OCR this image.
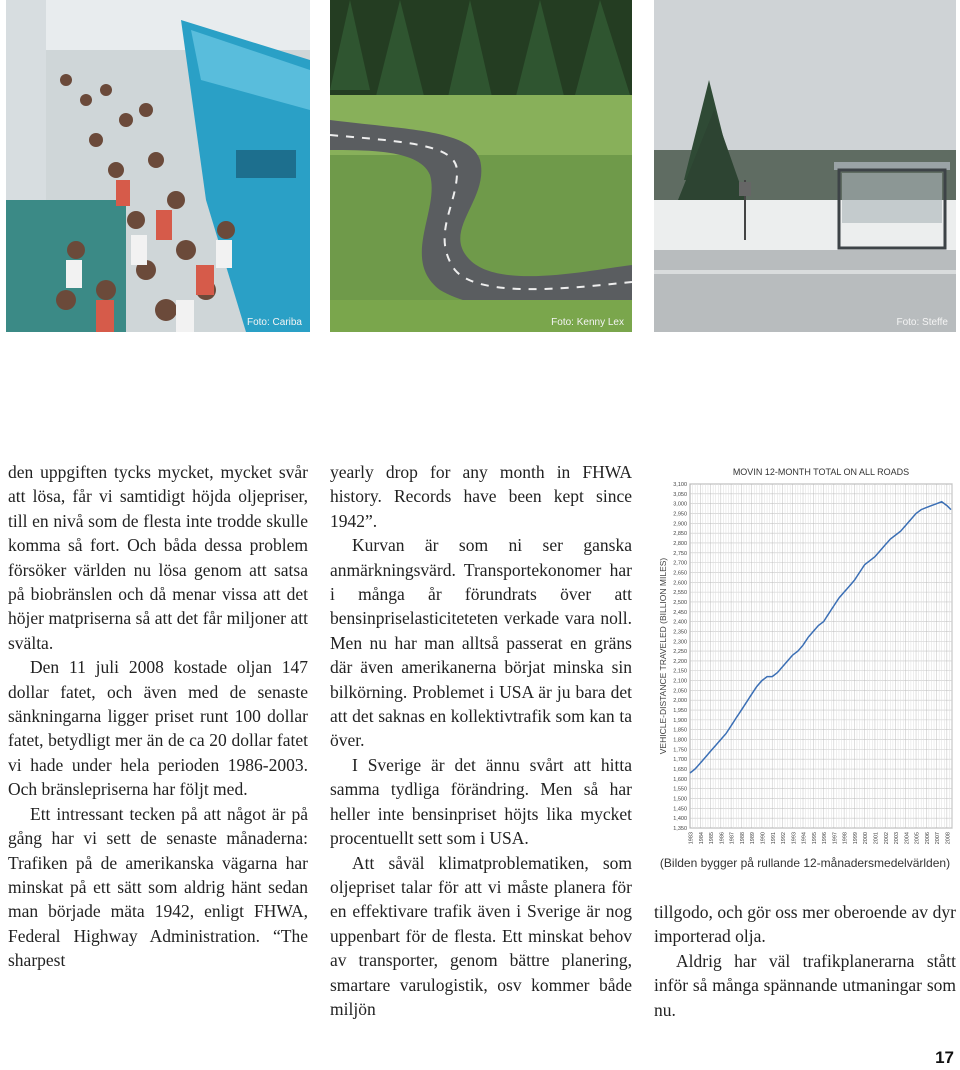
Foto: Cariba	Foto: Kenny Lex	Foto: Steffe

den uppgiften tycks mycket, mycket svår att lösa, får vi samtidigt höjda oljepriser, till en nivå som de flesta inte trodde skulle komma så fort. Och båda dessa problem försöker världen nu lösa genom att satsa på biobränslen och då menar vissa att det höjer matpriserna så att det får miljoner att svälta.

Den 11 juli 2008 kostade oljan 147 dollar fatet, och även med de senaste sänkningarna ligger priset runt 100 dollar fatet, betydligt mer än de ca 20 dollar fatet vi hade under hela perioden 1986-2003. Och bränslepriserna har följt med.

Ett intressant tecken på att något är på gång har vi sett de senaste månaderna: Trafiken på de amerikanska vägarna har minskat på ett sätt som aldrig hänt sedan man började mäta 1942, enligt FHWA, Federal Highway Administration. “The sharpest

yearly drop for any month in FHWA history. Records have been kept since 1942”.

Kurvan är som ni ser ganska anmärkningsvärd. Transportekonomer har i många år förundrats över att bensinpriselasticiteteten verkade vara noll. Men nu har man alltså passerat en gräns där även amerikanerna börjat minska sin bilkörning. Problemet i USA är ju bara det att det saknas en kollektivtrafik som kan ta över.

I Sverige är det ännu svårt att hitta samma tydliga förändring. Men så har heller inte bensinpriset höjts lika mycket procentuellt sett som i USA.

Att såväl klimatproblematiken, som oljepriset talar för att vi måste planera för en effektivare trafik även i Sverige är nog uppenbart för de flesta. Ett minskat behov av transporter, genom bättre planering, smartare varulogistik, osv kommer både miljön

1,350
1,400
1,450
1,500
1,550
1,600
1,650
1,700
1,750
1,800
1,850
1,900
1,950
2,000
2,050
2,100
2,150
2,200
2,250
2,300
2,350
2,400
2,450
2,500
2,550
2,600
2,650
2,700
2,750
2,800
2,850
2,900
2,950
3,000
3,050
3,100
1983 1984 1985 1986 1987 1988 1989 1990 1991 1992 1993 1994 1995 1996 1997 1998 1999 2000 2001 2002 2003 2004 2005 2006 2007 2008
MOVIN 12-MONTH TOTAL ON ALL ROADS
VEHICLE-DISTANCE TRAVELED (BILLION MILES)
(Bilden bygger på rullande 12-månadersmedelvärlden)

tillgodo, och gör oss mer oberoende av dyr importerad olja.

Aldrig har väl trafikplanerarna stått inför så många spännande utmaningar som nu.

17
